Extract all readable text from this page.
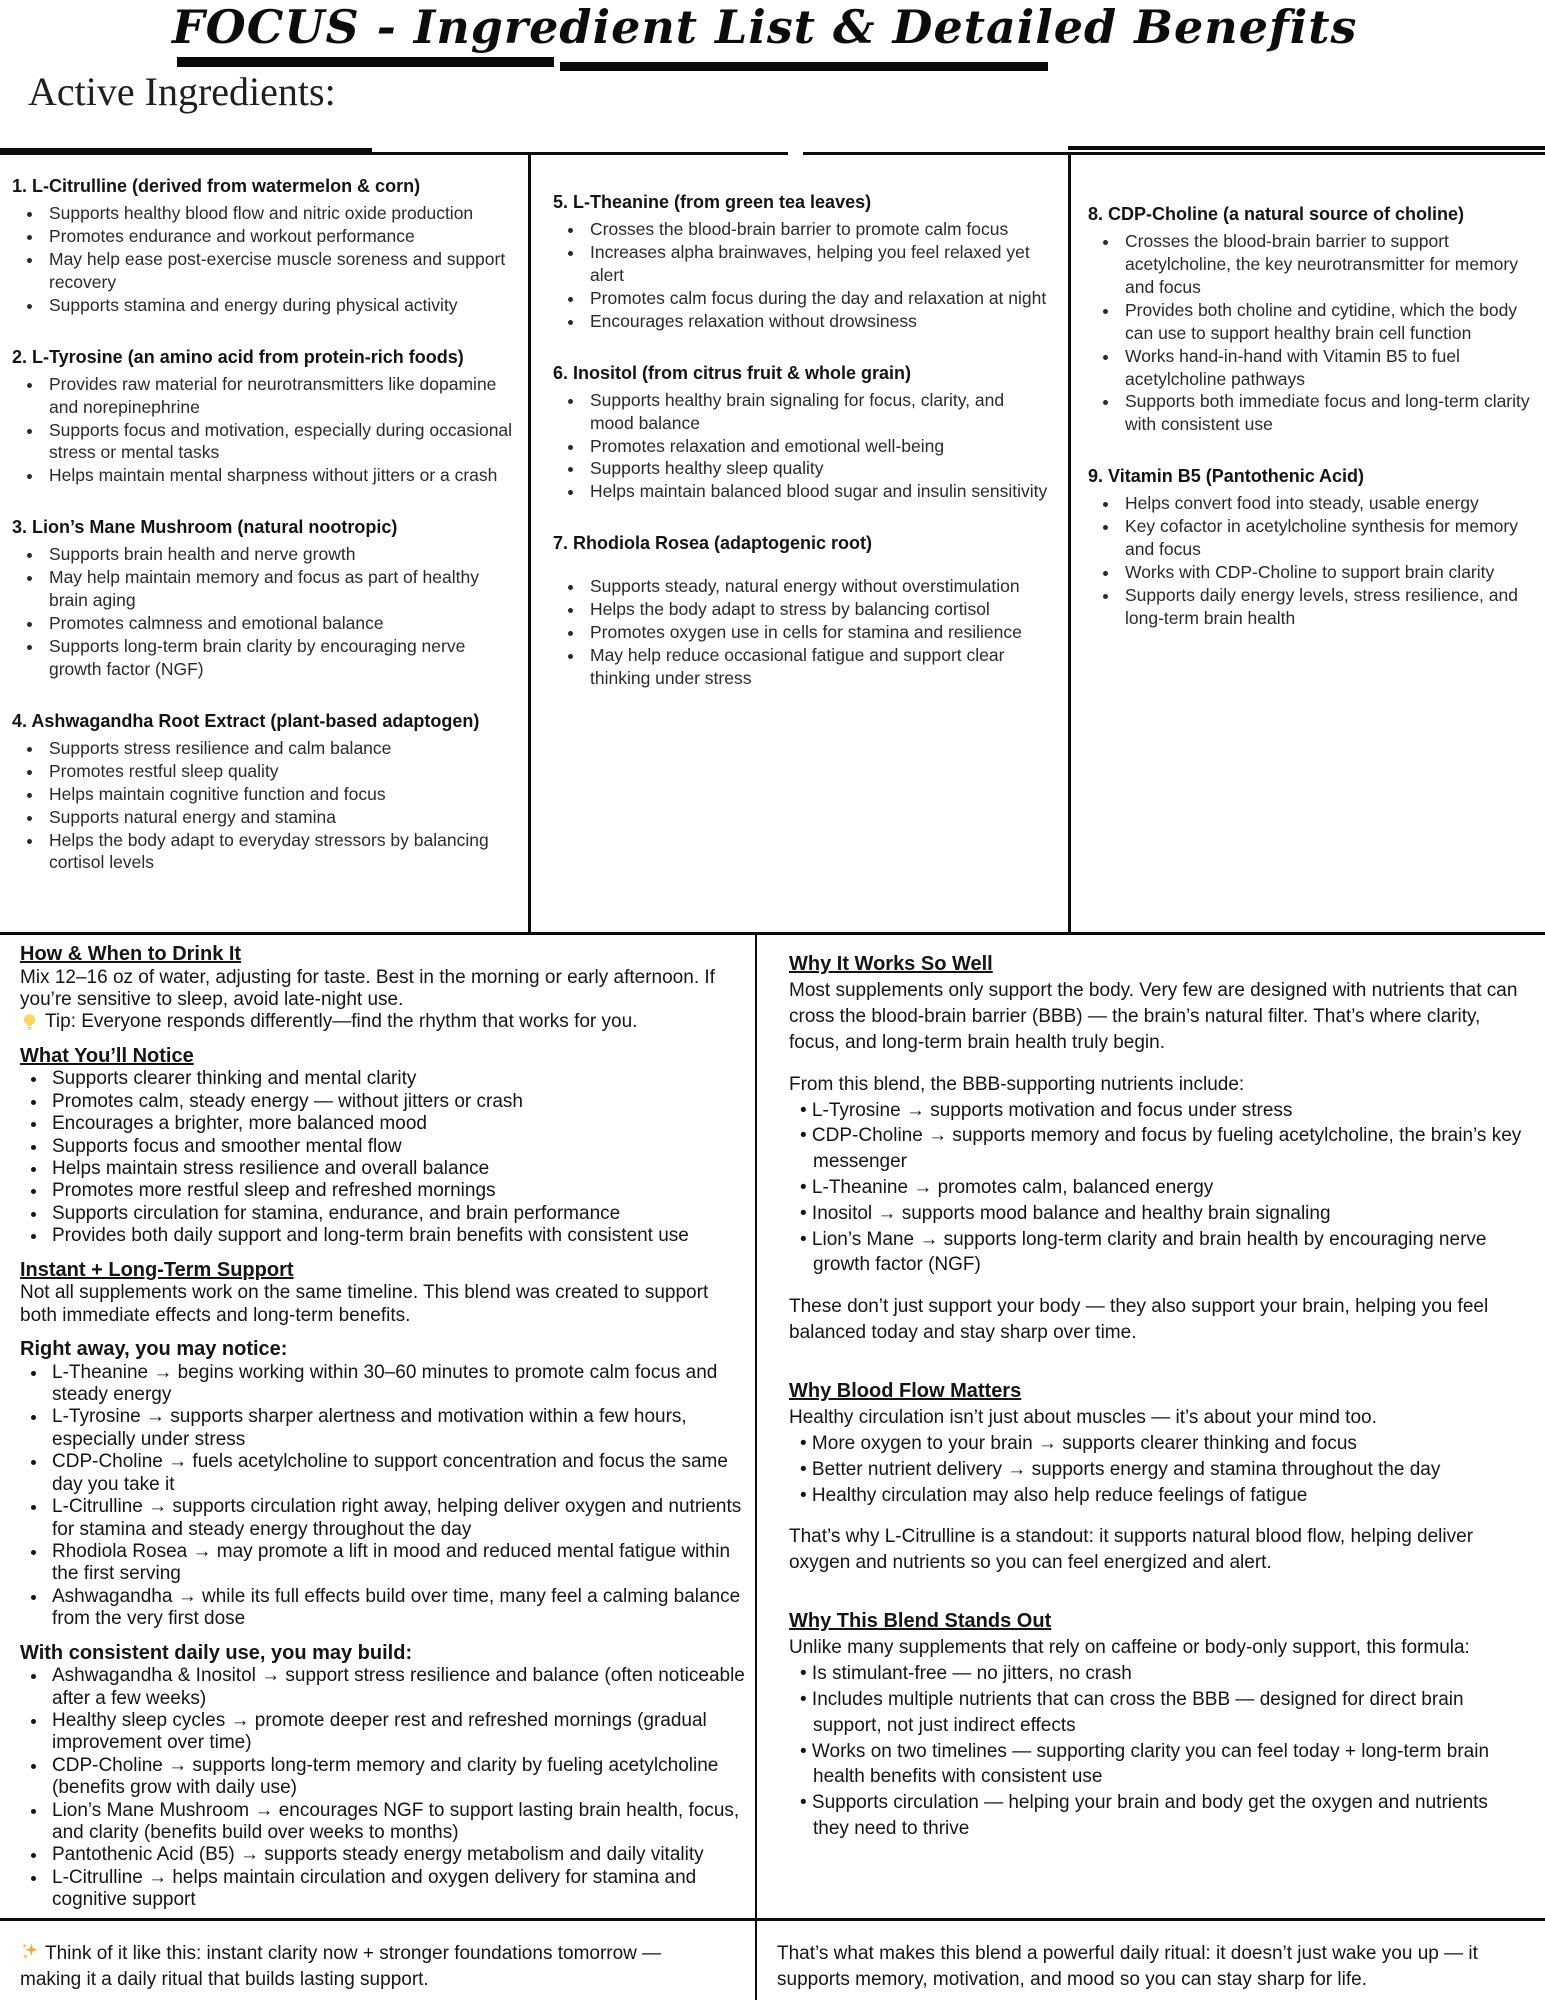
FOCUS - Ingredient List & Detailed Benefits
Active Ingredients:
1. L-Citrulline (derived from watermelon & corn)
• Supports healthy blood flow and nitric oxide production
• Promotes endurance and workout performance
• May help ease post-exercise muscle soreness and support recovery
• Supports stamina and energy during physical activity
2. L-Tyrosine (an amino acid from protein-rich foods)
• Provides raw material for neurotransmitters like dopamine and norepinephrine
• Supports focus and motivation, especially during occasional stress or mental tasks
• Helps maintain mental sharpness without jitters or a crash
3. Lion’s Mane Mushroom (natural nootropic)
• Supports brain health and nerve growth
• May help maintain memory and focus as part of healthy brain aging
• Promotes calmness and emotional balance
• Supports long-term brain clarity by encouraging nerve growth factor (NGF)
4. Ashwagandha Root Extract (plant-based adaptogen)
• Supports stress resilience and calm balance
• Promotes restful sleep quality
• Helps maintain cognitive function and focus
• Supports natural energy and stamina
• Helps the body adapt to everyday stressors by balancing cortisol levels
5. L-Theanine (from green tea leaves)
• Crosses the blood-brain barrier to promote calm focus
• Increases alpha brainwaves, helping you feel relaxed yet alert
• Promotes calm focus during the day and relaxation at night
• Encourages relaxation without drowsiness
6. Inositol (from citrus fruit & whole grain)
• Supports healthy brain signaling for focus, clarity, and mood balance
• Promotes relaxation and emotional well-being
• Supports healthy sleep quality
• Helps maintain balanced blood sugar and insulin sensitivity
7. Rhodiola Rosea (adaptogenic root)
• Supports steady, natural energy without overstimulation
• Helps the body adapt to stress by balancing cortisol
• Promotes oxygen use in cells for stamina and resilience
• May help reduce occasional fatigue and support clear thinking under stress
8. CDP-Choline (a natural source of choline)
• Crosses the blood-brain barrier to support acetylcholine, the key neurotransmitter for memory and focus
• Provides both choline and cytidine, which the body can use to support healthy brain cell function
• Works hand-in-hand with Vitamin B5 to fuel acetylcholine pathways
• Supports both immediate focus and long-term clarity with consistent use
9. Vitamin B5 (Pantothenic Acid)
• Helps convert food into steady, usable energy
• Key cofactor in acetylcholine synthesis for memory and focus
• Works with CDP-Choline to support brain clarity
• Supports daily energy levels, stress resilience, and long-term brain health
How & When to Drink It
Mix 12–16 oz of water, adjusting for taste. Best in the morning or early afternoon. If you’re sensitive to sleep, avoid late-night use.
Tip: Everyone responds differently—find the rhythm that works for you.
What You’ll Notice
• Supports clearer thinking and mental clarity
• Promotes calm, steady energy — without jitters or crash
• Encourages a brighter, more balanced mood
• Supports focus and smoother mental flow
• Helps maintain stress resilience and overall balance
• Promotes more restful sleep and refreshed mornings
• Supports circulation for stamina, endurance, and brain performance
• Provides both daily support and long-term brain benefits with consistent use
Instant + Long-Term Support
Not all supplements work on the same timeline. This blend was created to support both immediate effects and long-term benefits.
Right away, you may notice:
• L-Theanine → begins working within 30–60 minutes to promote calm focus and steady energy
• L-Tyrosine → supports sharper alertness and motivation within a few hours, especially under stress
• CDP-Choline → fuels acetylcholine to support concentration and focus the same day you take it
• L-Citrulline → supports circulation right away, helping deliver oxygen and nutrients for stamina and steady energy throughout the day
• Rhodiola Rosea → may promote a lift in mood and reduced mental fatigue within the first serving
• Ashwagandha → while its full effects build over time, many feel a calming balance from the very first dose
With consistent daily use, you may build:
• Ashwagandha & Inositol → support stress resilience and balance (often noticeable after a few weeks)
• Healthy sleep cycles → promote deeper rest and refreshed mornings (gradual improvement over time)
• CDP-Choline → supports long-term memory and clarity by fueling acetylcholine (benefits grow with daily use)
• Lion’s Mane Mushroom → encourages NGF to support lasting brain health, focus, and clarity (benefits build over weeks to months)
• Pantothenic Acid (B5) → supports steady energy metabolism and daily vitality
• L-Citrulline → helps maintain circulation and oxygen delivery for stamina and cognitive support
Why It Works So Well
Most supplements only support the body. Very few are designed with nutrients that can cross the blood-brain barrier (BBB) — the brain’s natural filter. That’s where clarity, focus, and long-term brain health truly begin.
From this blend, the BBB-supporting nutrients include:
• L-Tyrosine → supports motivation and focus under stress
• CDP-Choline → supports memory and focus by fueling acetylcholine, the brain’s key messenger
• L-Theanine → promotes calm, balanced energy
• Inositol → supports mood balance and healthy brain signaling
• Lion’s Mane → supports long-term clarity and brain health by encouraging nerve growth factor (NGF)
These don’t just support your body — they also support your brain, helping you feel balanced today and stay sharp over time.
Why Blood Flow Matters
Healthy circulation isn’t just about muscles — it’s about your mind too.
• More oxygen to your brain → supports clearer thinking and focus
• Better nutrient delivery → supports energy and stamina throughout the day
• Healthy circulation may also help reduce feelings of fatigue
That’s why L-Citrulline is a standout: it supports natural blood flow, helping deliver oxygen and nutrients so you can feel energized and alert.
Why This Blend Stands Out
Unlike many supplements that rely on caffeine or body-only support, this formula:
• Is stimulant-free — no jitters, no crash
• Includes multiple nutrients that can cross the BBB — designed for direct brain support, not just indirect effects
• Works on two timelines — supporting clarity you can feel today + long-term brain health benefits with consistent use
• Supports circulation — helping your brain and body get the oxygen and nutrients they need to thrive
Think of it like this: instant clarity now + stronger foundations tomorrow — making it a daily ritual that builds lasting support.
That’s what makes this blend a powerful daily ritual: it doesn’t just wake you up — it supports memory, motivation, and mood so you can stay sharp for life.
